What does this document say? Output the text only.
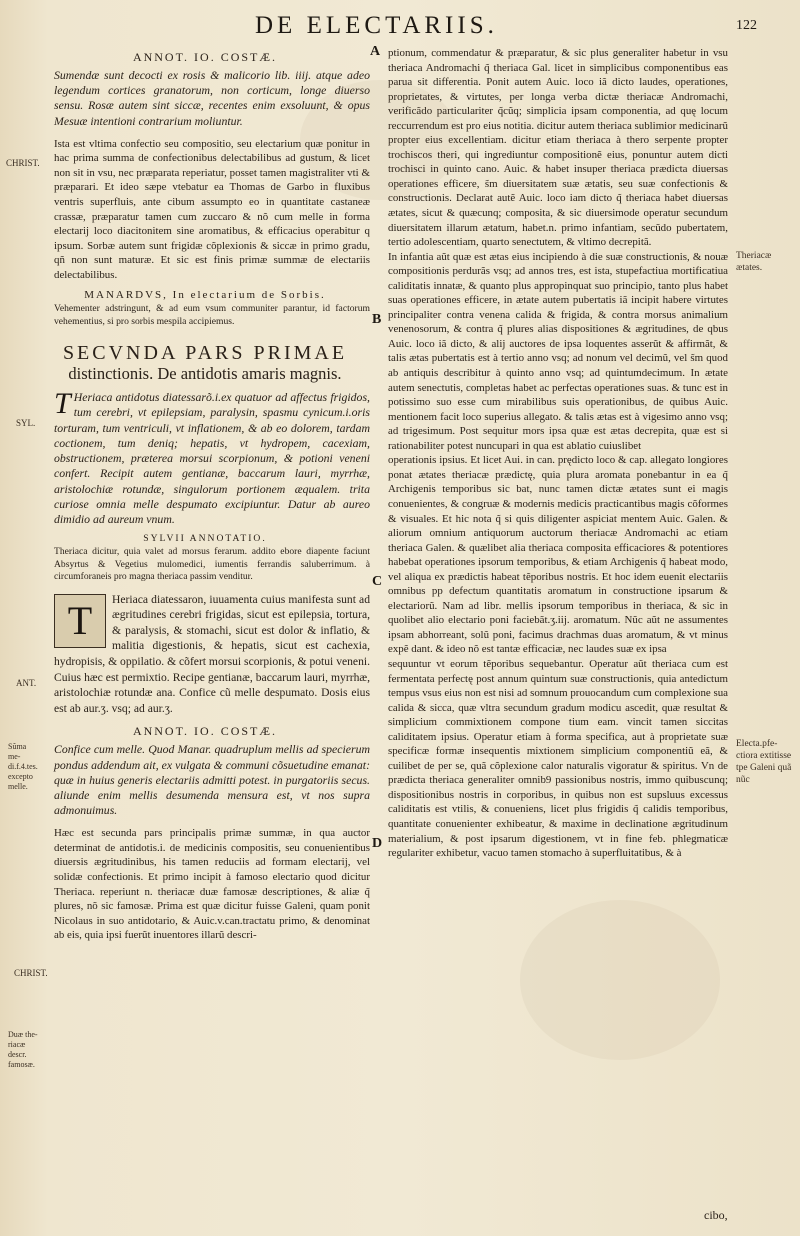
DE ELECTARIIS.	122
CHRIST.
SYL.
ANT.
Sũma me-di.f.4.tes. excepto melle.
CHRIST.
Duæ the-riacæ descr. famosæ.
ANNOT. IO. COSTÆ.
Sumendæ sunt decocti ex rosis & malicorio lib. iiij. atque adeo legendum cortices granatorum, non corticum, longe diuerso sensu. Rosæ autem sint siccæ, recentes enim exsoluunt, & opus Mesuæ intentioni contrarium moliuntur.
Ista est vltima confectio seu compositio, seu electarium quæ ponitur in hac prima summa de confectionibus delectabilibus ad gustum, & licet non sit in vsu, nec præparata reperiatur, posset tamen magistraliter vti & præparari. Et ideo sæpe vtebatur ea Thomas de Garbo in fluxibus ventris superfluis, ante cibum assumpto eo in quantitate castaneæ crassæ, præparatur tamen cum zuccaro & nõ cum melle in forma electarij loco diacitonitem sine aromatibus, & efficacius operabitur q ipsum. Sorbæ autem sunt frigidæ cõplexionis & siccæ in primo gradu, qñ non sunt maturæ. Et sic est finis primæ summæ de electariis delectabilibus.
MANARDVS, In electarium de Sorbis.
Vehementer adstringunt, & ad eum vsum communiter parantur, id factorum vehementius, si pro sorbis mespila accipiemus.
SECVNDA PARS PRIMAE
distinctionis. De antidotis amaris magnis.
T Heriaca antidotus diatessarõ.i.ex quatuor ad affectus frigidos, tum cerebri, vt epilepsiam, paralysin, spasmu cynicum.i.oris torturam, tum ventriculi, vt inflationem, & ab eo dolorem, tardam coctionem, tum deniq; hepatis, vt hydropem, cacexiam, obstructionem, præterea morsui scorpionum, & potioni veneni confert. Recipit autem gentianæ, baccarum lauri, myrrhæ, aristolochiæ rotundæ, singulorum portionem æqualem. trita curiose omnia melle despumato excipiuntur. Datur ab aureo dimidio ad aureum vnum.
SYLVII ANNOTATIO.
Theriaca dicitur, quia valet ad morsus ferarum. addito ebore diapente faciunt Absyrtus & Vegetius mulomedici, iumentis ferrandis saluberrimum. à circumforaneis pro magna theriaca passim venditur.
T Heriaca diatessaron, iuuamenta cuius manifesta sunt ad ægritudines cerebri frigidas, sicut est epilepsia, tortura, & paralysis, & stomachi, sicut est dolor & inflatio, & malitia digestionis, & hepatis, sicut est cachexia, hydropisis, & oppilatio. & cõfert morsui scorpionis, & potui veneni. Cuius hæc est permixtio. Recipe gentianæ, baccarum lauri, myrrhæ, aristolochiæ rotundæ ana. Confice cũ melle despumato. Dosis eius est ab aur.ʒ. vsq; ad aur.ʒ.
ANNOT. IO. COSTÆ.
Confice cum melle. Quod Manar. quadruplum mellis ad specierum pondus addendum ait, ex vulgata & communi cõsuetudine emanat: quæ in huius generis electariis admitti potest. in purgatoriis secus. aliunde enim mellis desumenda mensura est, vt nos supra admonuimus.
Hæc est secunda pars principalis primæ summæ, in qua auctor determinat de antidotis.i. de medicinis compositis, seu conuenientibus diuersis ægritudinibus, his tamen reduciis ad formam electarij, vel solidæ confectionis. Et primo incipit à famoso electario quod dicitur Theriaca. reperiunt n. theriacæ duæ famosæ descriptiones, & aliæ q̃ plures, nõ sic famosæ. Prima est quæ dicitur fuisse Galeni, quam ponit Nicolaus in suo antidotario, & Auic.v.can.tractatu primo, & denominat ab eis, quia ipsi fuerũt inuentores illarũ descri-
A
B
C
D
ptionum, commendatur & præparatur, & sic plus generaliter habetur in vsu theriaca Andromachi q̃ theriaca Gal. licet in simplicibus componentibus eas parua sit differentia. Ponit autem Auic. loco iã dicto laudes, operationes, proprietates, & virtutes, per longa verba dictæ theriacæ Andromachi, verificãdo particulariter q̃cũq; simplicia ipsam componentia, ad quę locum reccurrendum est pro eius notitia. dicitur autem theriaca sublimior medicinarũ propter eius excellentiam. dicitur etiam theriaca à thero serpente propter trochiscos theri, qui ingrediuntur compositionẽ eius, ponuntur autem dicti trochisci in quinto cano. Auic. & habet insuper theriaca prædicta diuersas operationes efficere, s̃m diuersitatem suæ ætatis, seu suæ confectionis & constructionis. Declarat autẽ Auic. loco iam dicto q̃ theriaca habet diuersas ætates, sicut & quæcunq; composita, & sic diuersimode operatur secundum diuersitatem illarum ætatum, habet.n. primo infantiam, secũdo pubertatem, tertio adolescentiam, quarto senectutem, & vltimo decrepitã.
In infantia aũt quæ est ætas eius incipiendo à die suæ constructionis, & nouæ compositionis perdurãs vsq; ad annos tres, est ista, stupefactiua mortificatiua caliditatis innatæ, & quanto plus appropinquat suo principio, tanto plus habet suas operationes efficere, in ætate autem pubertatis iã incipit habere virtutes principaliter contra venena calida & frigida, & contra morsus animalium venenosorum, & contra q̃ plures alias dispositiones & ægritudines, de qbus Auic. loco iã dicto, & alij auctores de ipsa loquentes asserũt & affirmãt, & talis ætas pubertatis est à tertio anno vsq; ad nonum vel decimũ, vel s̃m quod ab antiquis describitur à quinto anno vsq; ad quintumdecimum. In ætate autem senectutis, completas habet ac perfectas operationes suas. & tunc est in potissimo suo esse cum mirabilibus suis operationibus, de quibus Auic. mentionem facit loco superius allegato. & talis ætas est à vigesimo anno vsq; ad trigesimum. Post sequitur mors ipsa quæ est ætas decrepita, quæ est si rationabiliter potest nuncupari in qua est ablatio cuiuslibet
operationis ipsius. Et licet Aui. in can. prędicto loco & cap. allegato longiores ponat ætates theriacæ prædictę, quia plura aromata ponebantur in ea q̃ Archigenis temporibus sic bat, nunc tamen dictæ ætates sunt ei magis conuenientes, & congruæ & modernis medicis practicantibus magis cõformes & visuales. Et hic nota q̃ si quis diligenter aspiciat mentem Auic. Galen. & aliorum omnium antiquorum auctorum theriacæ Andromachi ac etiam theriaca Galen. & quælibet alia theriaca composita efficaciores & potentiores habebat operationes ipsorum temporibus, & etiam Archigenis q̃ habeat modo, vel aliqua ex prædictis habeat tẽporibus nostris. Et hoc idem euenit electariis omnibus pp defectum quantitatis aromatum in constructione ipsarum & electariorũ. Nam ad libr. mellis ipsorum temporibus in theriaca, & sic in quolibet alio electario poni faciebãt.ʒ.iij. aromatum. Nũc aũt ne assumentes ipsam abhorreant, solũ poni, facimus drachmas duas aromatum, & vt minus expẽ dant. & ideo nõ est tantæ efficaciæ, nec laudes suæ ex ipsa
sequuntur vt eorum tẽporibus sequebantur. Operatur aũt theriaca cum est fermentata perfectę post annum quintum suæ constructionis, quia antedictum tempus vsus eius non est nisi ad somnum prouocandum cum complexione sua calida & sicca, quæ vltra secundum gradum modicu ascedit, quæ resultat & simplicium commixtionem compone tium eam. vincit tamen siccitas caliditatem ipsius. Operatur etiam à forma specifica, aut à proprietate suæ specificæ formæ insequentis mixtionem simplicium componentiũ eã, & cuilibet de per se, quã cõplexione calor naturalis vigoratur & spiritus. Vn de prædicta theriaca generaliter omnib9 passionibus nostris, immo quibuscunq; dispositionibus nostris in corporibus, in quibus non est supsluus excessus caliditatis est vtilis, & conueniens, licet plus frigidis q̃ calidis temporibus, quantitate conuenienter exhibeatur, & maxime in declinatione ægritudinum materialium, & post ipsarum digestionem, vt in fine feb. phlegmaticæ regulariter exhibetur, vacuo tamen stomacho à superfluitatibus, & à
Theriacæ ætates.
Electa.pfe-ctiora extitisse tpe Galeni quã nũc
cibo,
